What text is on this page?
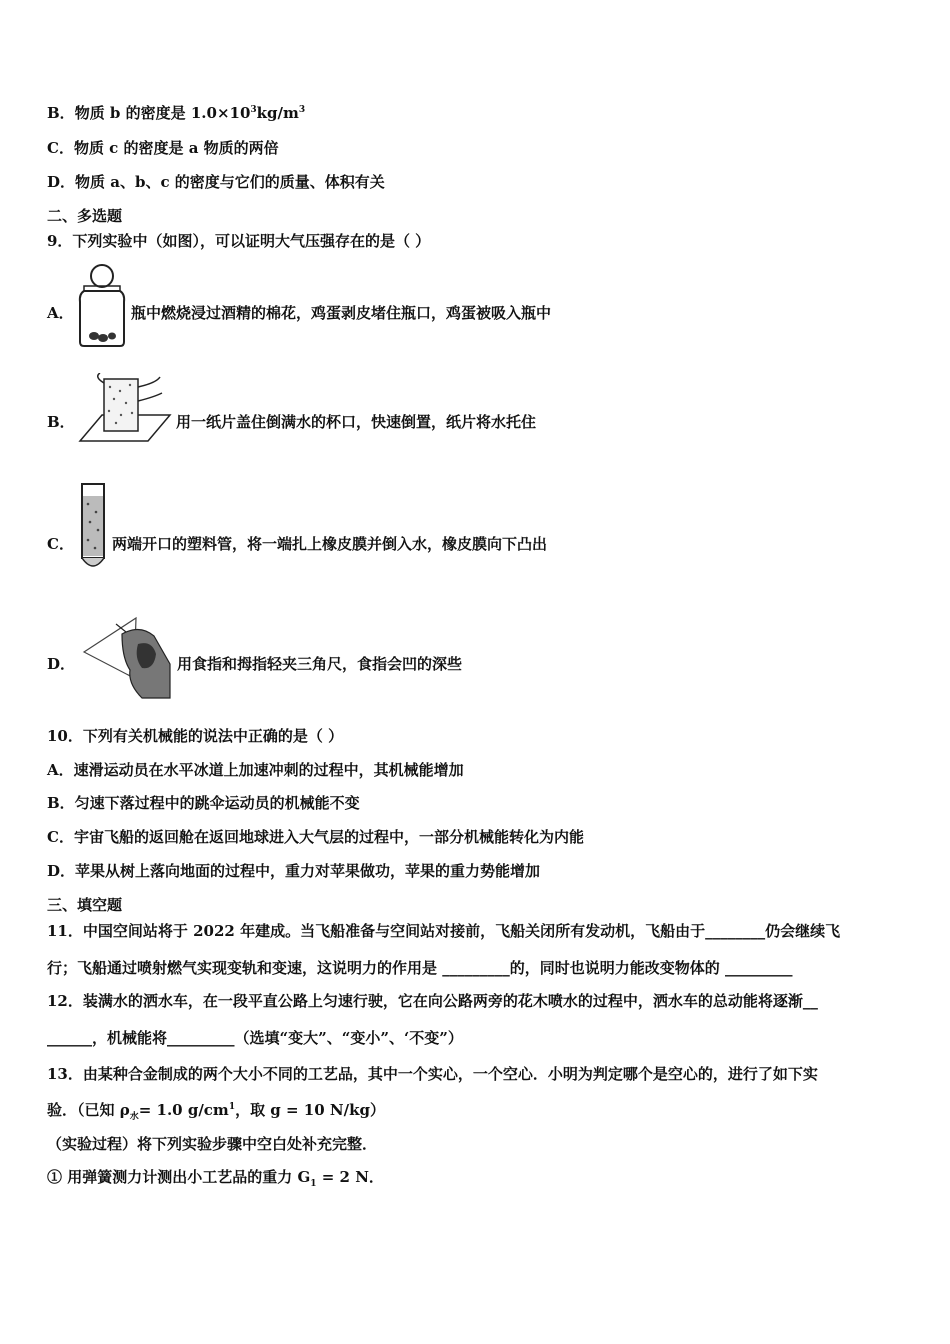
B．物质 b 的密度是 $1.0\times 10^3kg/m^3$
C．物质 c 的密度是 a 物质的两倍
D．物质 a、b、c 的密度与它们的质量、体积有关
二、多选题
9．下列实验中（如图），可以证明大气压强存在的是（ ）
A．	瓶中燃烧浸过酒精的棉花，鸡蛋剥皮堵住瓶口，鸡蛋被吸入瓶中
B．	用一纸片盖住倒满水的杯口，快速倒置，纸片将水托住
C．	两端开口的塑料管，将一端扎上橡皮膜并倒入水，橡皮膜向下凸出
D．	用食指和拇指轻夹三角尺，食指会凹的深些
10．下列有关机械能的说法中正确的是（ ）
A．速滑运动员在水平冰道上加速冲刺的过程中，其机械能增加
B．匀速下落过程中的跳伞运动员的机械能不变
C．宇宙飞船的返回舱在返回地球进入大气层的过程中，一部分机械能转化为内能
D．苹果从树上落向地面的过程中，重力对苹果做功，苹果的重力势能增加
三、填空题
11．中国空间站将于 2022 年建成。当飞船准备与空间站对接前，飞船关闭所有发动机，飞船由于________仍会继续飞
行；飞船通过喷射燃气实现变轨和变速，这说明力的作用是 _________的，同时也说明力能改变物体的 _________
12．装满水的洒水车，在一段平直公路上匀速行驶，它在向公路两旁的花木喷水的过程中，洒水车的总动能将逐渐__
______，机械能将_________（选填“变大”、“变小”、‘不变”）
13．由某种合金制成的两个大小不同的工艺品，其中一个实心，一个空心．小明为判定哪个是空心的，进行了如下实
验．（已知 $\rho_水= 1.0$ $g/cm^1$，取 g = 10 N/kg）
（实验过程）将下列实验步骤中空白处补充完整．
① 用弹簧测力计测出小工艺品的重力 $G_1 = 2$ N．
